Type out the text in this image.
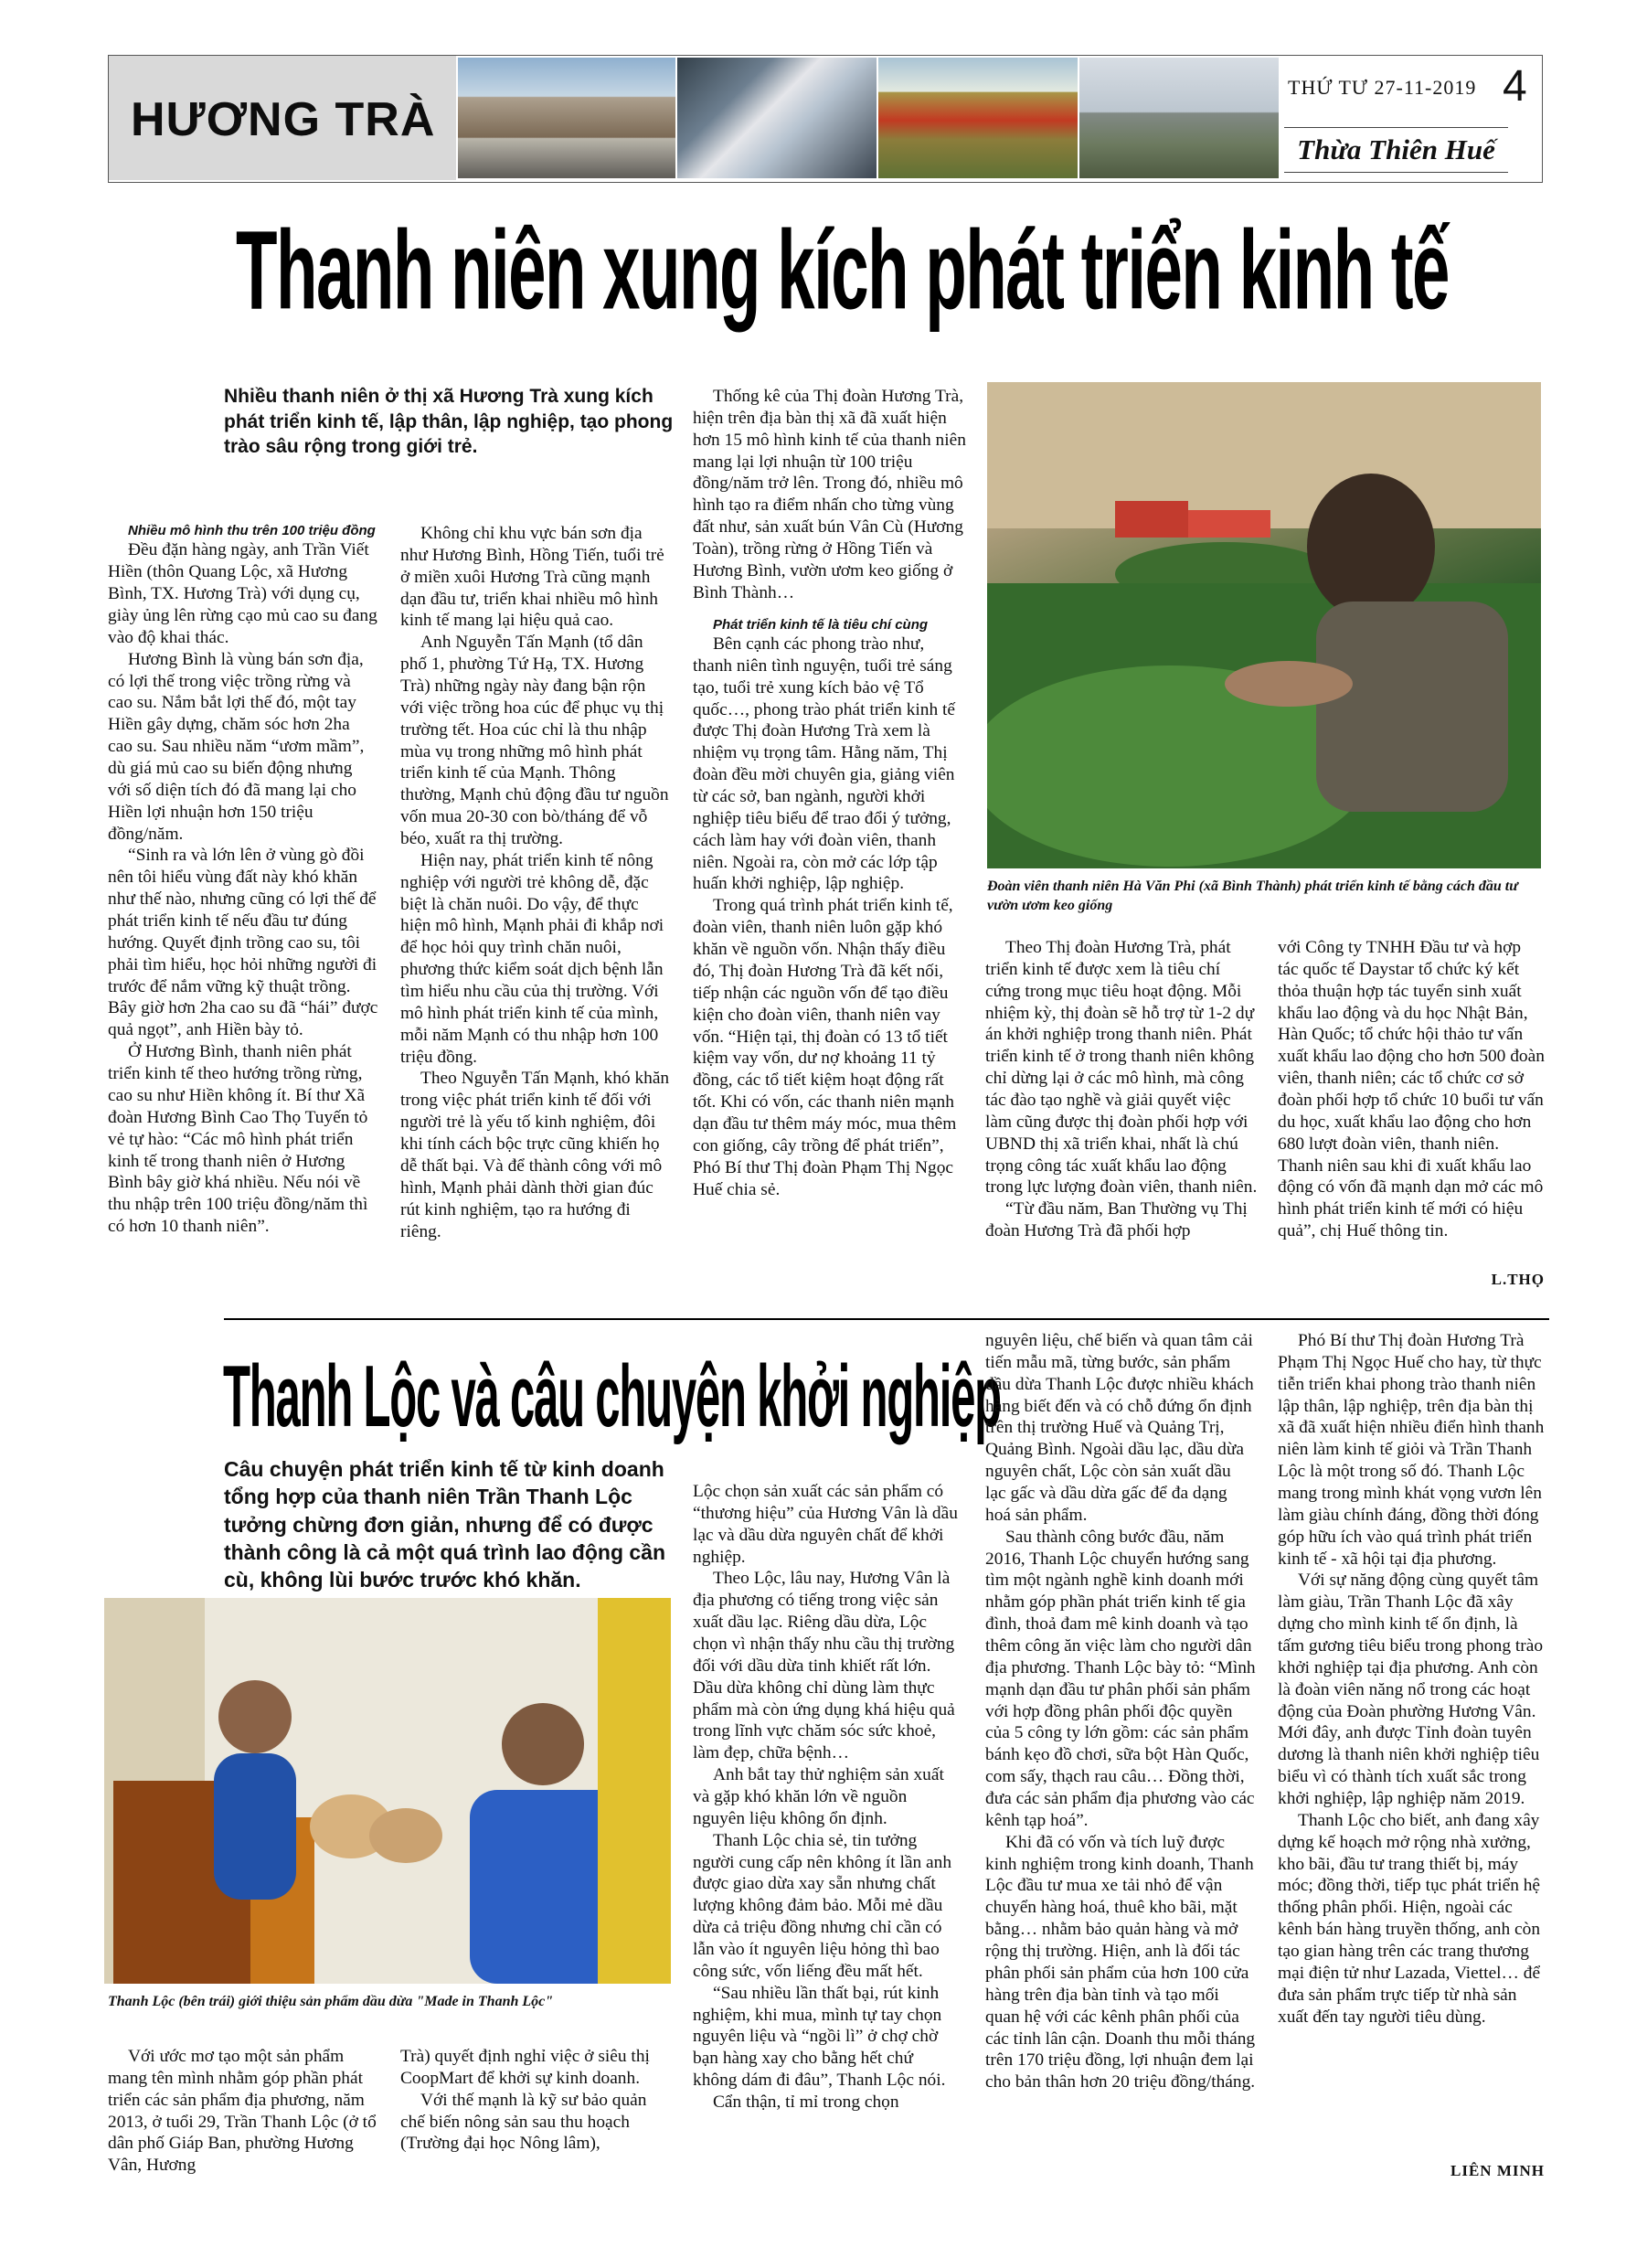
HƯƠNG TRÀ
THỨ TƯ 27-11-2019 4
Thừa Thiên Huế
Thanh niên xung kích phát triển kinh tế
Nhiều thanh niên ở thị xã Hương Trà xung kích phát triển kinh tế, lập thân, lập nghiệp, tạo phong trào sâu rộng trong giới trẻ.

Nhiều mô hình thu trên 100 triệu đồng

Đều đặn hàng ngày, anh Trần Viết Hiền (thôn Quang Lộc, xã Hương Bình, TX. Hương Trà) với dụng cụ, giày ủng lên rừng cạo mủ cao su đang vào độ khai thác.

Hương Bình là vùng bán sơn địa, có lợi thế trong việc trồng rừng và cao su. Nắm bắt lợi thế đó, một tay Hiền gây dựng, chăm sóc hơn 2ha cao su. Sau nhiều năm “ươm mầm”, dù giá mủ cao su biến động nhưng với số diện tích đó đã mang lại cho Hiền lợi nhuận hơn 150 triệu đồng/năm.

“Sinh ra và lớn lên ở vùng gò đồi nên tôi hiểu vùng đất này khó khăn như thế nào, nhưng cũng có lợi thế để phát triển kinh tế nếu đầu tư đúng hướng. Quyết định trồng cao su, tôi phải tìm hiểu, học hỏi những người đi trước để nắm vững kỹ thuật trồng. Bây giờ hơn 2ha cao su đã “hái” được quả ngọt”, anh Hiền bày tỏ.

Ở Hương Bình, thanh niên phát triển kinh tế theo hướng trồng rừng, cao su như Hiền không ít. Bí thư Xã đoàn Hương Bình Cao Thọ Tuyến tỏ vẻ tự hào: “Các mô hình phát triển kinh tế trong thanh niên ở Hương Bình bây giờ khá nhiều. Nếu nói về thu nhập trên 100 triệu đồng/năm thì có hơn 10 thanh niên”.

Không chỉ khu vực bán sơn địa như Hương Bình, Hồng Tiến, tuổi trẻ ở miền xuôi Hương Trà cũng mạnh dạn đầu tư, triển khai nhiều mô hình kinh tế mang lại hiệu quả cao.

Anh Nguyễn Tấn Mạnh (tổ dân phố 1, phường Tứ Hạ, TX. Hương Trà) những ngày này đang bận rộn với việc trồng hoa cúc để phục vụ thị trường tết. Hoa cúc chỉ là thu nhập mùa vụ trong những mô hình phát triển kinh tế của Mạnh. Thông thường, Mạnh chủ động đầu tư nguồn vốn mua 20-30 con bò/tháng để vỗ béo, xuất ra thị trường.

Hiện nay, phát triển kinh tế nông nghiệp với người trẻ không dễ, đặc biệt là chăn nuôi. Do vậy, để thực hiện mô hình, Mạnh phải đi khắp nơi để học hỏi quy trình chăn nuôi, phương thức kiểm soát dịch bệnh lẫn tìm hiểu nhu cầu của thị trường. Với mô hình phát triển kinh tế của mình, mỗi năm Mạnh có thu nhập hơn 100 triệu đồng.

Theo Nguyễn Tấn Mạnh, khó khăn trong việc phát triển kinh tế đối với người trẻ là yếu tố kinh nghiệm, đôi khi tính cách bộc trực cũng khiến họ dễ thất bại. Và để thành công với mô hình, Mạnh phải dành thời gian đúc rút kinh nghiệm, tạo ra hướng đi riêng.

Thống kê của Thị đoàn Hương Trà, hiện trên địa bàn thị xã đã xuất hiện hơn 15 mô hình kinh tế của thanh niên mang lại lợi nhuận từ 100 triệu đồng/năm trở lên. Trong đó, nhiều mô hình tạo ra điểm nhấn cho từng vùng đất như, sản xuất bún Vân Cù (Hương Toàn), trồng rừng ở Hồng Tiến và Hương Bình, vườn ươm keo giống ở Bình Thành…

Phát triển kinh tế là tiêu chí cùng

Bên cạnh các phong trào như, thanh niên tình nguyện, tuổi trẻ sáng tạo, tuổi trẻ xung kích bảo vệ Tổ quốc…, phong trào phát triển kinh tế được Thị đoàn Hương Trà xem là nhiệm vụ trọng tâm. Hằng năm, Thị đoàn đều mời chuyên gia, giảng viên từ các sở, ban ngành, người khởi nghiệp tiêu biểu để trao đổi ý tưởng, cách làm hay với đoàn viên, thanh niên. Ngoài ra, còn mở các lớp tập huấn khởi nghiệp, lập nghiệp.

Trong quá trình phát triển kinh tế, đoàn viên, thanh niên luôn gặp khó khăn về nguồn vốn. Nhận thấy điều đó, Thị đoàn Hương Trà đã kết nối, tiếp nhận các nguồn vốn để tạo điều kiện cho đoàn viên, thanh niên vay vốn. “Hiện tại, thị đoàn có 13 tổ tiết kiệm vay vốn, dư nợ khoảng 11 tỷ đồng, các tổ tiết kiệm hoạt động rất tốt. Khi có vốn, các thanh niên mạnh dạn đầu tư thêm máy móc, mua thêm con giống, cây trồng để phát triển”, Phó Bí thư Thị đoàn Phạm Thị Ngọc Huế chia sẻ.

Đoàn viên thanh niên Hà Văn Phi (xã Bình Thành) phát triển kinh tế bằng cách đầu tư vườn ươm keo giống

Theo Thị đoàn Hương Trà, phát triển kinh tế được xem là tiêu chí cứng trong mục tiêu hoạt động. Mỗi nhiệm kỳ, thị đoàn sẽ hỗ trợ từ 1-2 dự án khởi nghiệp trong thanh niên. Phát triển kinh tế ở trong thanh niên không chỉ dừng lại ở các mô hình, mà công tác đào tạo nghề và giải quyết việc làm cũng được thị đoàn phối hợp với UBND thị xã triển khai, nhất là chú trọng công tác xuất khẩu lao động trong lực lượng đoàn viên, thanh niên.

“Từ đầu năm, Ban Thường vụ Thị đoàn Hương Trà đã phối hợp

với Công ty TNHH Đầu tư và hợp tác quốc tế Daystar tổ chức ký kết thỏa thuận hợp tác tuyển sinh xuất khẩu lao động và du học Nhật Bản, Hàn Quốc; tổ chức hội thảo tư vấn xuất khẩu lao động cho hơn 500 đoàn viên, thanh niên; các tổ chức cơ sở đoàn phối hợp tổ chức 10 buổi tư vấn du học, xuất khẩu lao động cho hơn 680 lượt đoàn viên, thanh niên. Thanh niên sau khi đi xuất khẩu lao động có vốn đã mạnh dạn mở các mô hình phát triển kinh tế mới có hiệu quả”, chị Huế thông tin.

L.THỌ
Thanh Lộc và câu chuyện khởi nghiệp
Câu chuyện phát triển kinh tế từ kinh doanh tổng hợp của thanh niên Trần Thanh Lộc tưởng chừng đơn giản, nhưng để có được thành công là cả một quá trình lao động cần cù, không lùi bước trước khó khăn.
Thanh Lộc (bên trái) giới thiệu sản phẩm dầu dừa "Made in Thanh Lộc"

Với ước mơ tạo một sản phẩm mang tên mình nhằm góp phần phát triển các sản phẩm địa phương, năm 2013, ở tuổi 29, Trần Thanh Lộc (ở tổ dân phố Giáp Ban, phường Hương Vân, Hương

Trà) quyết định nghỉ việc ở siêu thị CoopMart để khởi sự kinh doanh.

Với thế mạnh là kỹ sư bảo quản chế biến nông sản sau thu hoạch (Trường đại học Nông lâm),

Lộc chọn sản xuất các sản phẩm có “thương hiệu” của Hương Vân là dầu lạc và dầu dừa nguyên chất để khởi nghiệp.

Theo Lộc, lâu nay, Hương Vân là địa phương có tiếng trong việc sản xuất dầu lạc. Riêng dầu dừa, Lộc chọn vì nhận thấy nhu cầu thị trường đối với dầu dừa tinh khiết rất lớn. Dầu dừa không chỉ dùng làm thực phẩm mà còn ứng dụng khá hiệu quả trong lĩnh vực chăm sóc sức khoẻ, làm đẹp, chữa bệnh…

Anh bắt tay thử nghiệm sản xuất và gặp khó khăn lớn về nguồn nguyên liệu không ổn định.

Thanh Lộc chia sẻ, tin tưởng người cung cấp nên không ít lần anh được giao dừa xay sẵn nhưng chất lượng không đảm bảo. Mỗi mẻ dầu dừa cả triệu đồng nhưng chỉ cần có lẫn vào ít nguyên liệu hỏng thì bao công sức, vốn liếng đều mất hết.

“Sau nhiều lần thất bại, rút kinh nghiệm, khi mua, mình tự tay chọn nguyên liệu và “ngồi lì” ở chợ chờ bạn hàng xay cho bằng hết chứ không dám đi đâu”, Thanh Lộc nói.

Cẩn thận, tỉ mỉ trong chọn

nguyên liệu, chế biến và quan tâm cải tiến mẫu mã, từng bước, sản phẩm dầu dừa Thanh Lộc được nhiều khách hàng biết đến và có chỗ đứng ổn định trên thị trường Huế và Quảng Trị, Quảng Bình. Ngoài dầu lạc, dầu dừa nguyên chất, Lộc còn sản xuất dầu lạc gấc và dầu dừa gấc để đa dạng hoá sản phẩm.

Sau thành công bước đầu, năm 2016, Thanh Lộc chuyển hướng sang tìm một ngành nghề kinh doanh mới nhằm góp phần phát triển kinh tế gia đình, thoả đam mê kinh doanh và tạo thêm công ăn việc làm cho người dân địa phương. Thanh Lộc bày tỏ: “Mình mạnh dạn đầu tư phân phối sản phẩm với hợp đồng phân phối độc quyền của 5 công ty lớn gồm: các sản phẩm bánh kẹo đồ chơi, sữa bột Hàn Quốc, com sấy, thạch rau câu… Đồng thời, đưa các sản phẩm địa phương vào các kênh tạp hoá”.

Khi đã có vốn và tích luỹ được kinh nghiệm trong kinh doanh, Thanh Lộc đầu tư mua xe tải nhỏ để vận chuyển hàng hoá, thuê kho bãi, mặt bằng… nhằm bảo quản hàng và mở rộng thị trường. Hiện, anh là đối tác phân phối sản phẩm của hơn 100 cửa hàng trên địa bàn tỉnh và tạo mối quan hệ với các kênh phân phối của các tỉnh lân cận. Doanh thu mỗi tháng trên 170 triệu đồng, lợi nhuận đem lại cho bản thân hơn 20 triệu đồng/tháng.

Phó Bí thư Thị đoàn Hương Trà Phạm Thị Ngọc Huế cho hay, từ thực tiễn triển khai phong trào thanh niên lập thân, lập nghiệp, trên địa bàn thị xã đã xuất hiện nhiều điển hình thanh niên làm kinh tế giỏi và Trần Thanh Lộc là một trong số đó. Thanh Lộc mang trong mình khát vọng vươn lên làm giàu chính đáng, đồng thời đóng góp hữu ích vào quá trình phát triển kinh tế - xã hội tại địa phương.

Với sự năng động cùng quyết tâm làm giàu, Trần Thanh Lộc đã xây dựng cho mình kinh tế ổn định, là tấm gương tiêu biểu trong phong trào khởi nghiệp tại địa phương. Anh còn là đoàn viên năng nổ trong các hoạt động của Đoàn phường Hương Vân. Mới đây, anh được Tỉnh đoàn tuyên dương là thanh niên khởi nghiệp tiêu biểu vì có thành tích xuất sắc trong khởi nghiệp, lập nghiệp năm 2019.

Thanh Lộc cho biết, anh đang xây dựng kế hoạch mở rộng nhà xưởng, kho bãi, đầu tư trang thiết bị, máy móc; đồng thời, tiếp tục phát triển hệ thống phân phối. Hiện, ngoài các kênh bán hàng truyền thống, anh còn tạo gian hàng trên các trang thương mại điện tử như Lazada, Viettel… để đưa sản phẩm trực tiếp từ nhà sản xuất đến tay người tiêu dùng.

LIÊN MINH
